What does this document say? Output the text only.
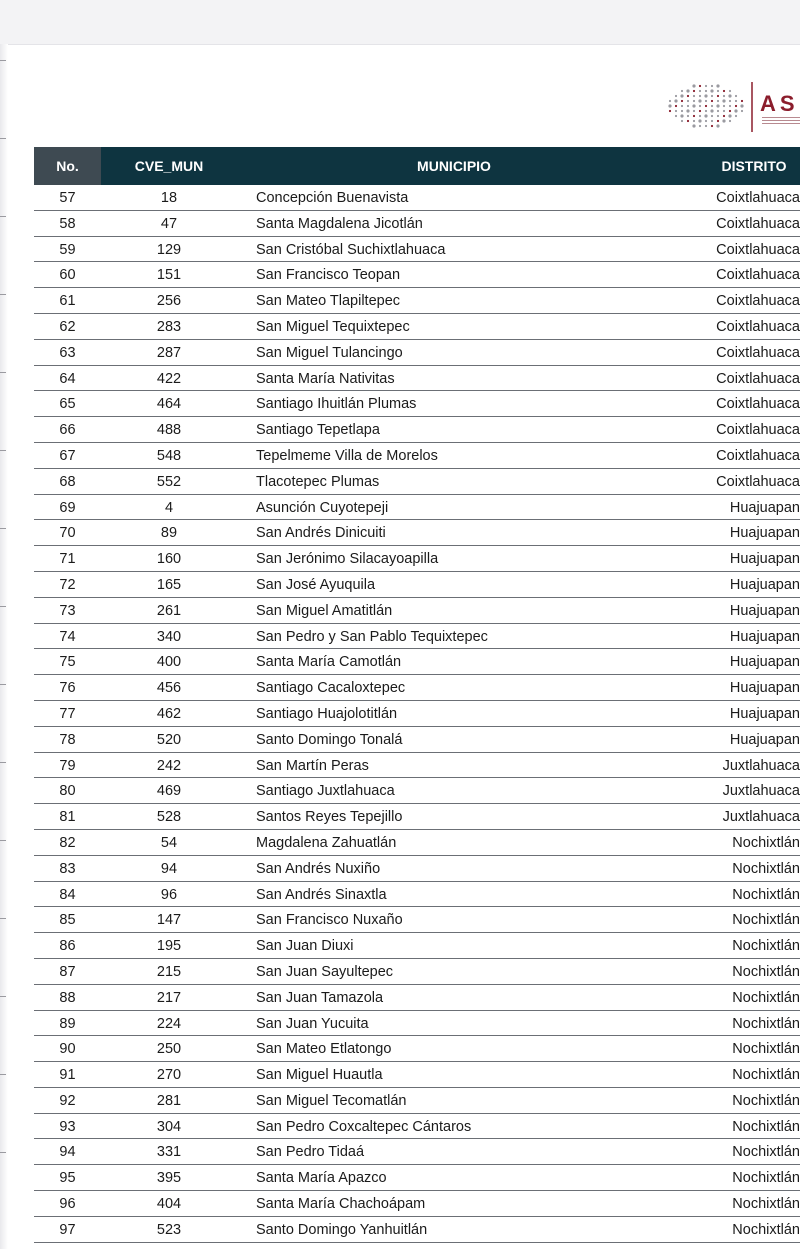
AS
No.	CVE_MUN	MUNICIPIO	DISTRITO
57	18	Concepción Buenavista	Coixtlahuaca
58	47	Santa Magdalena Jicotlán	Coixtlahuaca
59	129	San Cristóbal Suchixtlahuaca	Coixtlahuaca
60	151	San Francisco Teopan	Coixtlahuaca
61	256	San Mateo Tlapiltepec	Coixtlahuaca
62	283	San Miguel Tequixtepec	Coixtlahuaca
63	287	San Miguel Tulancingo	Coixtlahuaca
64	422	Santa María Nativitas	Coixtlahuaca
65	464	Santiago Ihuitlán Plumas	Coixtlahuaca
66	488	Santiago Tepetlapa	Coixtlahuaca
67	548	Tepelmeme Villa de Morelos	Coixtlahuaca
68	552	Tlacotepec Plumas	Coixtlahuaca
69	4	Asunción Cuyotepeji	Huajuapan
70	89	San Andrés Dinicuiti	Huajuapan
71	160	San Jerónimo Silacayoapilla	Huajuapan
72	165	San José Ayuquila	Huajuapan
73	261	San Miguel Amatitlán	Huajuapan
74	340	San Pedro y San Pablo Tequixtepec	Huajuapan
75	400	Santa María Camotlán	Huajuapan
76	456	Santiago Cacaloxtepec	Huajuapan
77	462	Santiago Huajolotitlán	Huajuapan
78	520	Santo Domingo Tonalá	Huajuapan
79	242	San Martín Peras	Juxtlahuaca
80	469	Santiago Juxtlahuaca	Juxtlahuaca
81	528	Santos Reyes Tepejillo	Juxtlahuaca
82	54	Magdalena Zahuatlán	Nochixtlán
83	94	San Andrés Nuxiño	Nochixtlán
84	96	San Andrés Sinaxtla	Nochixtlán
85	147	San Francisco Nuxaño	Nochixtlán
86	195	San Juan Diuxi	Nochixtlán
87	215	San Juan Sayultepec	Nochixtlán
88	217	San Juan Tamazola	Nochixtlán
89	224	San Juan Yucuita	Nochixtlán
90	250	San Mateo Etlatongo	Nochixtlán
91	270	San Miguel Huautla	Nochixtlán
92	281	San Miguel Tecomatlán	Nochixtlán
93	304	San Pedro Coxcaltepec Cántaros	Nochixtlán
94	331	San Pedro Tidaá	Nochixtlán
95	395	Santa María Apazco	Nochixtlán
96	404	Santa María Chachoápam	Nochixtlán
97	523	Santo Domingo Yanhuitlán	Nochixtlán
